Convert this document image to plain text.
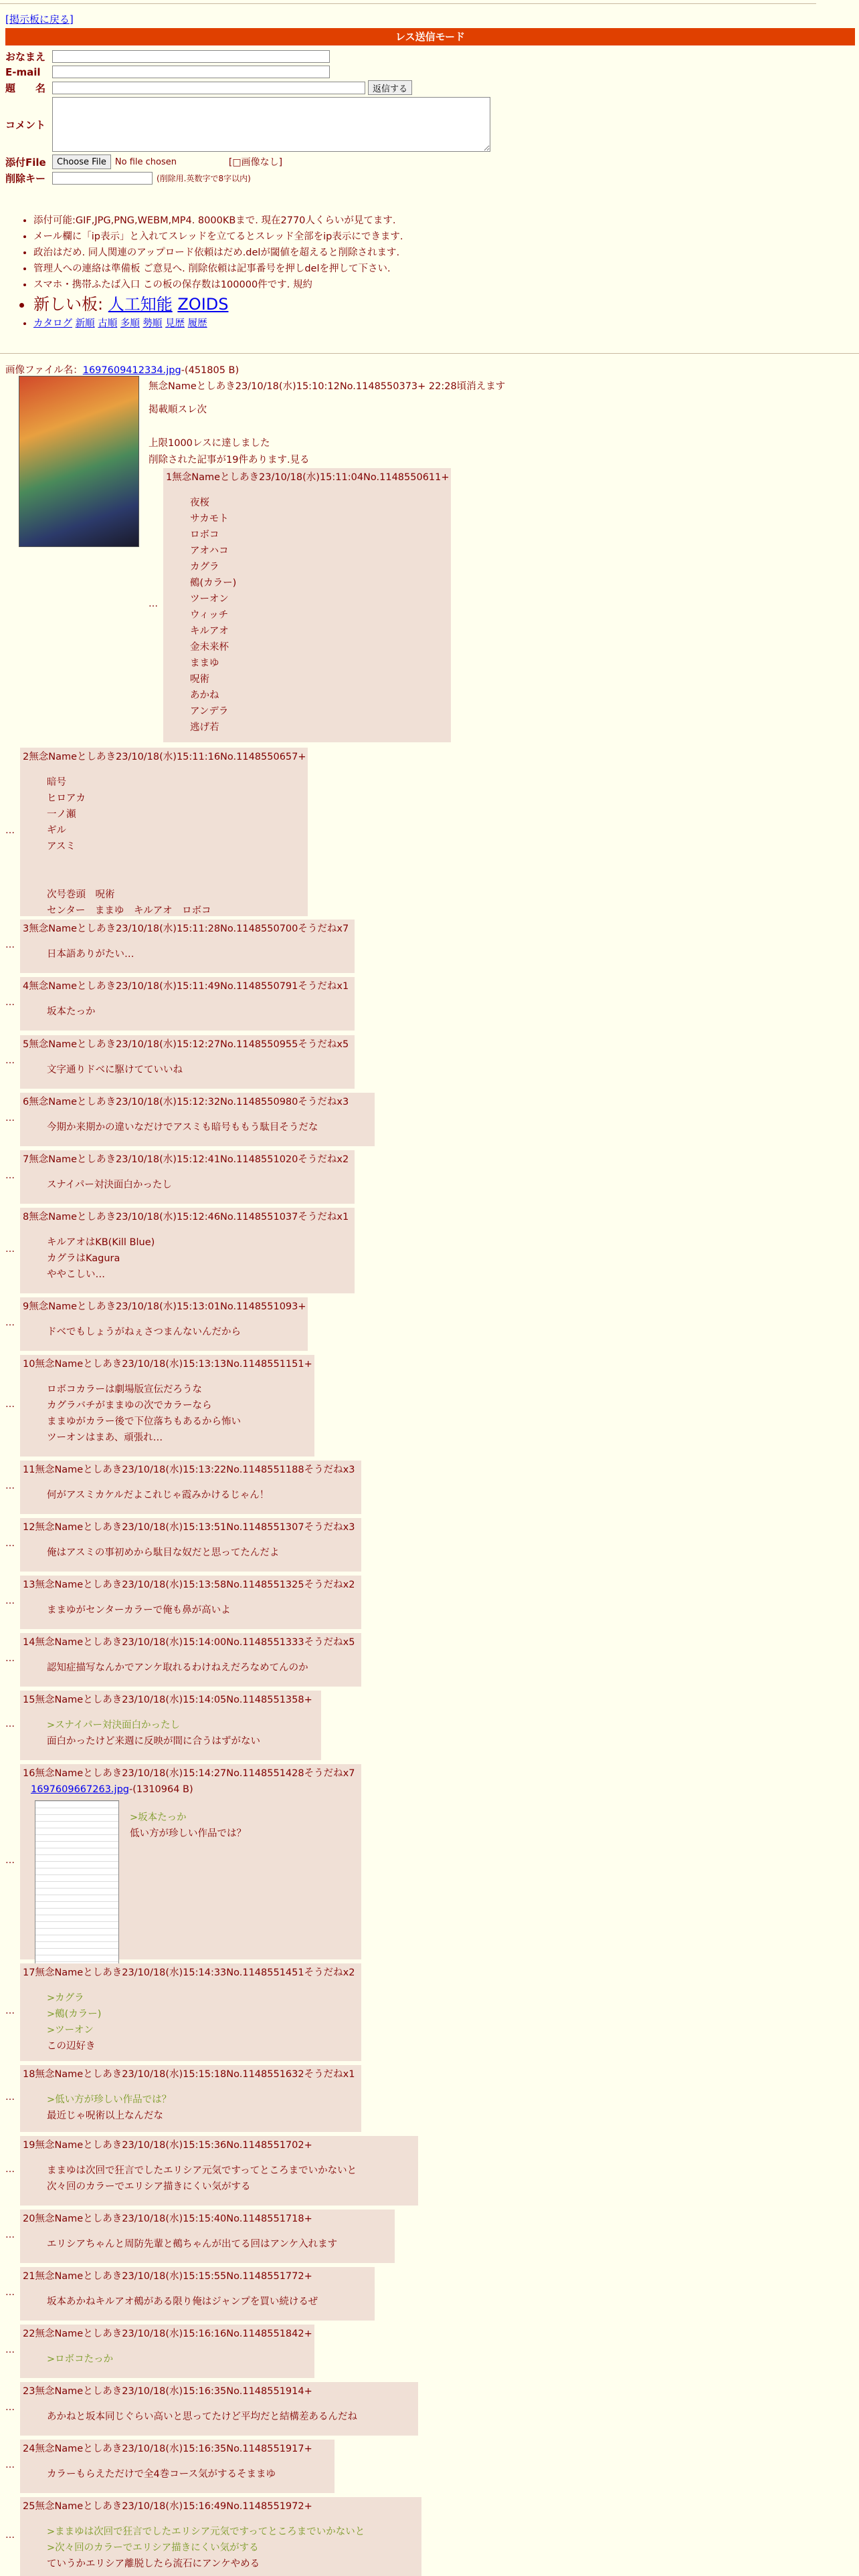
[掲示板に戻る]
レス送信モード
おなまえ
E-mail
題　　名	返信する
コメント
添付File	Choose File	No file chosen	[□画像なし]
削除キー	(削除用.英数字で8字以内)
• 添付可能:GIF,JPG,PNG,WEBM,MP4. 8000KBまで. 現在2770人くらいが見てます.
• メール欄に「ip表示」と入れてスレッドを立てるとスレッド全部をip表示にできます.
• 政治はだめ. 同人関連のアップロード依頼はだめ.delが閾値を超えると削除されます.
• 管理人への連絡は準備板 ご意見へ. 削除依頼は記事番号を押しdelを押して下さい.
• スマホ・携帯ふたば入口 この板の保存数は100000件です. 規約
• 新しい板: 人工知能 ZOIDS
• カタログ 新順 古順 多順 勢順 見歴 履歴
画像ファイル名：1697609412334.jpg-(451805 B)
無念Nameとしあき23/10/18(水)15:10:12No.1148550373+ 22:28頃消えます
掲載順スレ次

上限1000レスに達しました
削除された記事が19件あります.見る
…
1無念Nameとしあき23/10/18(水)15:11:04No.1148550611+
夜桜
サカモト
ロボコ
アオハコ
カグラ
鵺(カラー)
ツーオン
ウィッチ
キルアオ
金未来杯
ままゆ
呪術
あかね
アンデラ
逃げ若
…
2無念Nameとしあき23/10/18(水)15:11:16No.1148550657+
暗号
ヒロアカ
一ノ瀬
ギル
アスミ

次号巻頭　呪術
センター　ままゆ　キルアオ　ロボコ
…
3無念Nameとしあき23/10/18(水)15:11:28No.1148550700そうだねx7
日本語ありがたい…
…
4無念Nameとしあき23/10/18(水)15:11:49No.1148550791そうだねx1
坂本たっか
…
5無念Nameとしあき23/10/18(水)15:12:27No.1148550955そうだねx5
文字通りドベに駆けてていいね
…
6無念Nameとしあき23/10/18(水)15:12:32No.1148550980そうだねx3
今期か来期かの違いなだけでアスミも暗号ももう駄目そうだな
…
7無念Nameとしあき23/10/18(水)15:12:41No.1148551020そうだねx2
スナイパー対決面白かったし
…
8無念Nameとしあき23/10/18(水)15:12:46No.1148551037そうだねx1
キルアオはKB(Kill Blue)
カグラはKagura
ややこしい…
…
9無念Nameとしあき23/10/18(水)15:13:01No.1148551093+
ドベでもしょうがねぇさつまんないんだから
…
10無念Nameとしあき23/10/18(水)15:13:13No.1148551151+
ロボコカラーは劇場版宣伝だろうな
カグラバチがままゆの次でカラーなら
ままゆがカラー後で下位落ちもあるから怖い
ツーオンはまあ、頑張れ…
…
11無念Nameとしあき23/10/18(水)15:13:22No.1148551188そうだねx3
何がアスミカケルだよこれじゃ霞みかけるじゃん！
…
12無念Nameとしあき23/10/18(水)15:13:51No.1148551307そうだねx3
俺はアスミの事初めから駄目な奴だと思ってたんだよ
…
13無念Nameとしあき23/10/18(水)15:13:58No.1148551325そうだねx2
ままゆがセンターカラーで俺も鼻が高いよ
…
14無念Nameとしあき23/10/18(水)15:14:00No.1148551333そうだねx5
認知症描写なんかでアンケ取れるわけねえだろなめてんのか
…
15無念Nameとしあき23/10/18(水)15:14:05No.1148551358+
>スナイパー対決面白かったし
面白かったけど来週に反映が間に合うはずがない
…
16無念Nameとしあき23/10/18(水)15:14:27No.1148551428そうだねx7
1697609667263.jpg-(1310964 B)
>坂本たっか
低い方が珍しい作品では？
…
17無念Nameとしあき23/10/18(水)15:14:33No.1148551451そうだねx2
>カグラ
>鵺(カラー)
>ツーオン
この辺好き
…
18無念Nameとしあき23/10/18(水)15:15:18No.1148551632そうだねx1
>低い方が珍しい作品では？
最近じゃ呪術以上なんだな
…
19無念Nameとしあき23/10/18(水)15:15:36No.1148551702+
ままゆは次回で狂言でしたエリシア元気ですってところまでいかないと
次々回のカラーでエリシア描きにくい気がする
…
20無念Nameとしあき23/10/18(水)15:15:40No.1148551718+
エリシアちゃんと周防先輩と鵺ちゃんが出てる回はアンケ入れます
…
21無念Nameとしあき23/10/18(水)15:15:55No.1148551772+
坂本あかねキルアオ鵺がある限り俺はジャンプを買い続けるぜ
…
22無念Nameとしあき23/10/18(水)15:16:16No.1148551842+
>ロボコたっか
…
23無念Nameとしあき23/10/18(水)15:16:35No.1148551914+
あかねと坂本同じぐらい高いと思ってたけど平均だと結構差あるんだね
…
24無念Nameとしあき23/10/18(水)15:16:35No.1148551917+
カラーもらえただけで全4巻コース気がするそままゆ
…
25無念Nameとしあき23/10/18(水)15:16:49No.1148551972+
>ままゆは次回で狂言でしたエリシア元気ですってところまでいかないと
>次々回のカラーでエリシア描きにくい気がする
ていうかエリシア離脱したら流石にアンケやめる
